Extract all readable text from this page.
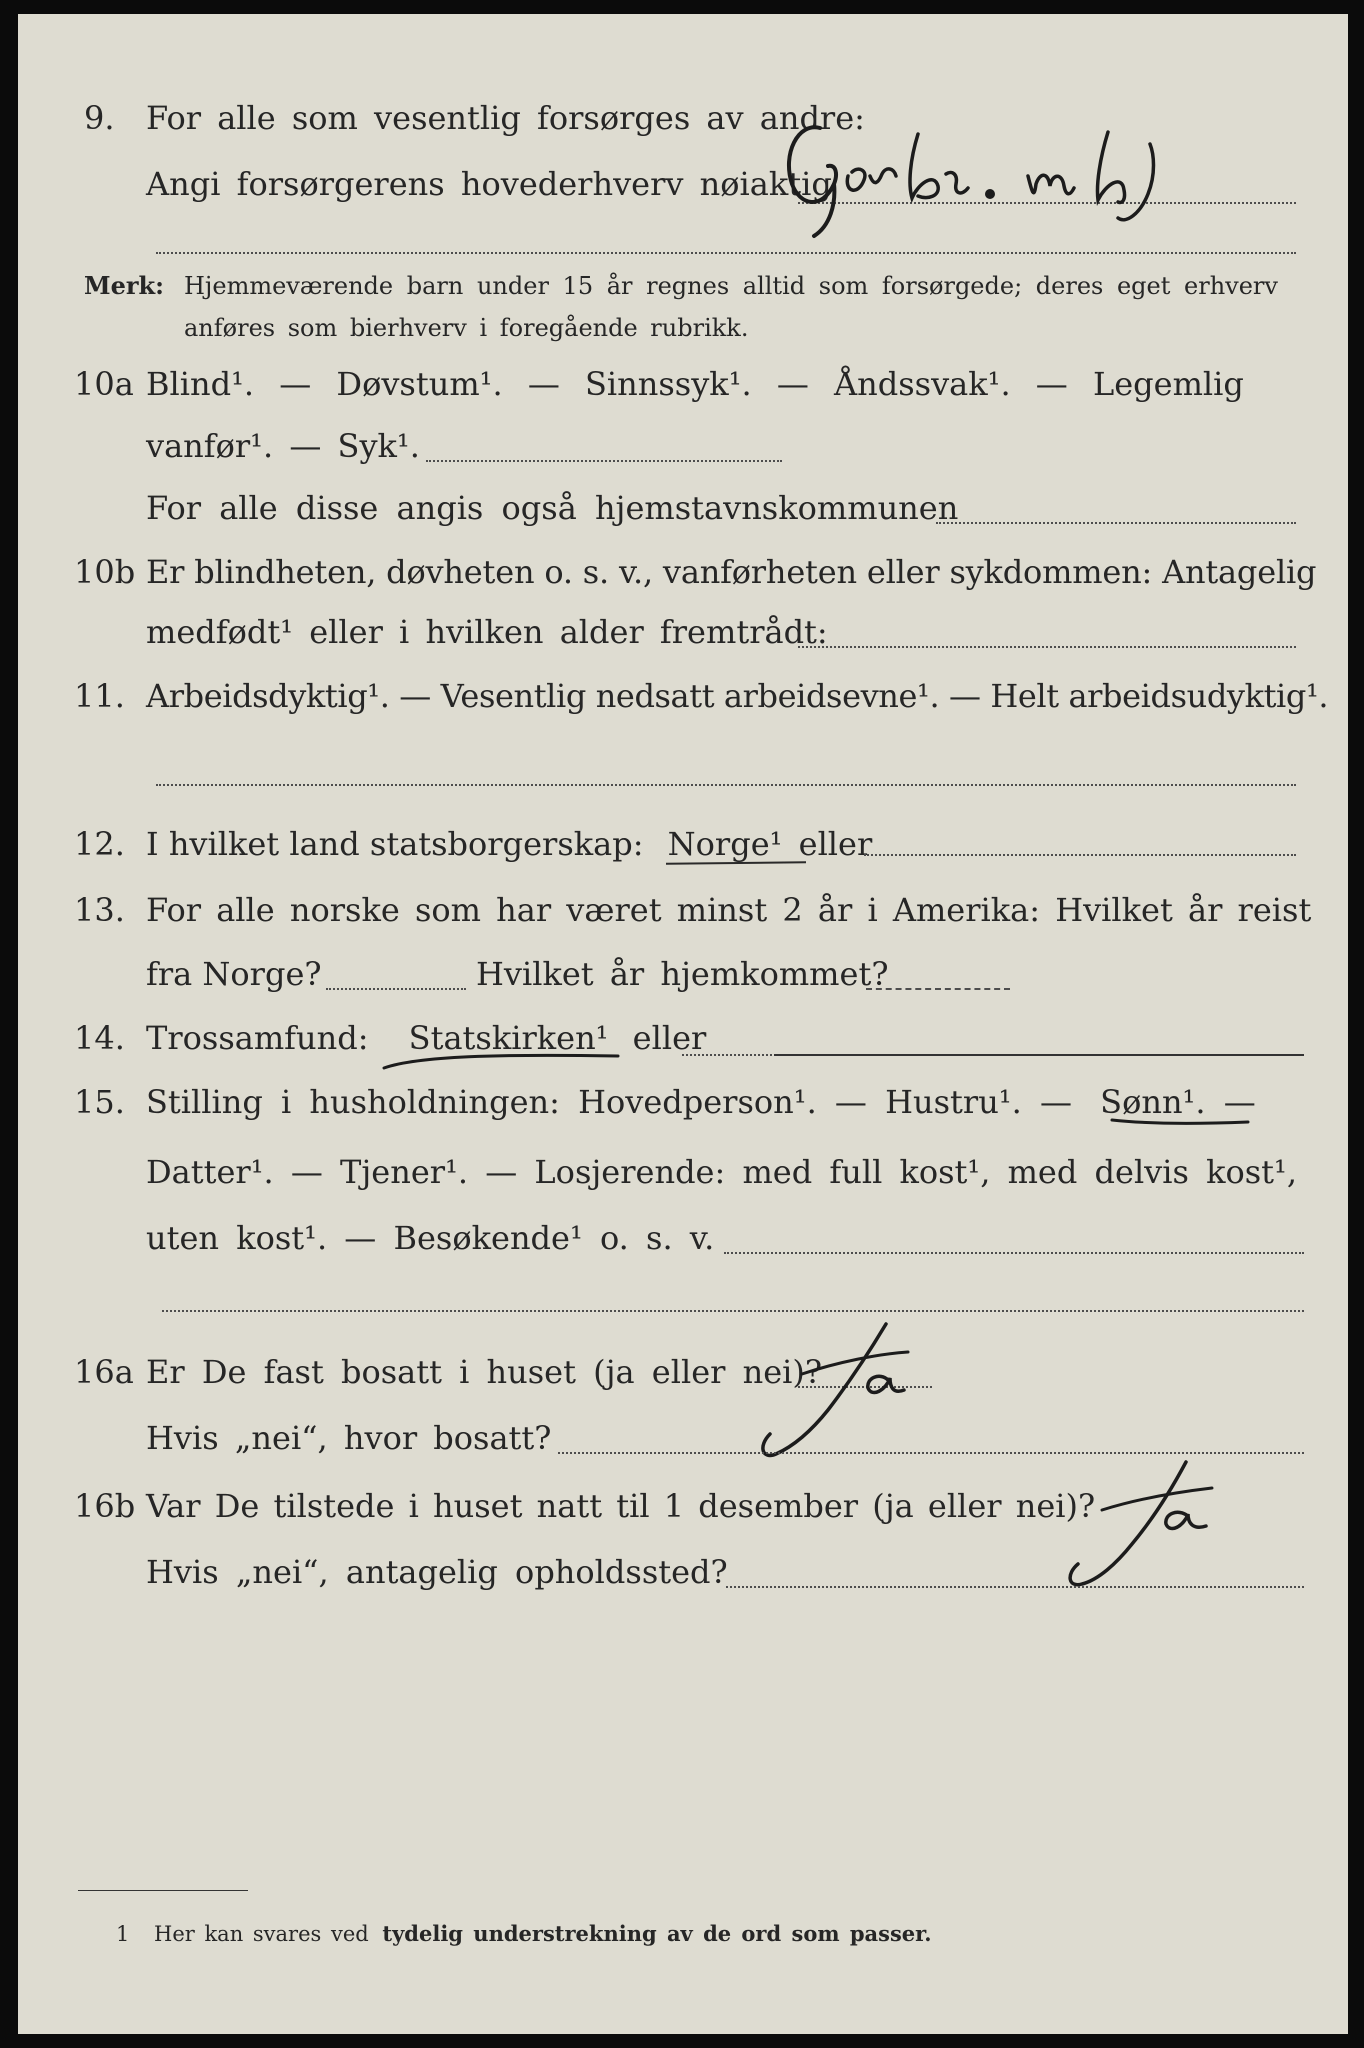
9. For alle som vesentlig forsørges av andre:
Angi forsørgerens hovederhverv nøiaktig
Gardbr. m hj
Merk: Hjemmeværende barn under 15 år regnes alltid som forsørgede; deres eget erhverv
anføres som bierhverv i foregående rubrikk.
10a Blind¹. — Døvstum¹. — Sinnssyk¹. — Åndssvak¹. — Legemlig
vanfør¹. — Syk¹.
For alle disse angis også hjemstavnskommunen
10b Er blindheten, døvheten o. s. v., vanførheten eller sykdommen: Antagelig
medfødt¹ eller i hvilken alder fremtrådt:
11. Arbeidsdyktig¹. — Vesentlig nedsatt arbeidsevne¹. — Helt arbeidsudyktig¹.
12. I hvilket land statsborgerskap: Norge¹ eller
13. For alle norske som har været minst 2 år i Amerika: Hvilket år reist
fra Norge?	Hvilket år hjemkommet?
14. Trossamfund: Statskirken¹ eller
15. Stilling i husholdningen: Hovedperson¹. — Hustru¹. — Sønn¹. —
Datter¹. — Tjener¹. — Losjerende: med full kost¹, med delvis kost¹,
uten kost¹. — Besøkende¹ o. s. v.
16a Er De fast bosatt i huset (ja eller nei)?
Ja
Hvis „nei“, hvor bosatt?
16b Var De tilstede i huset natt til 1 desember (ja eller nei)?
Ja
Hvis „nei“, antagelig opholdssted?
1 Her kan svares ved tydelig understrekning av de ord som passer.
